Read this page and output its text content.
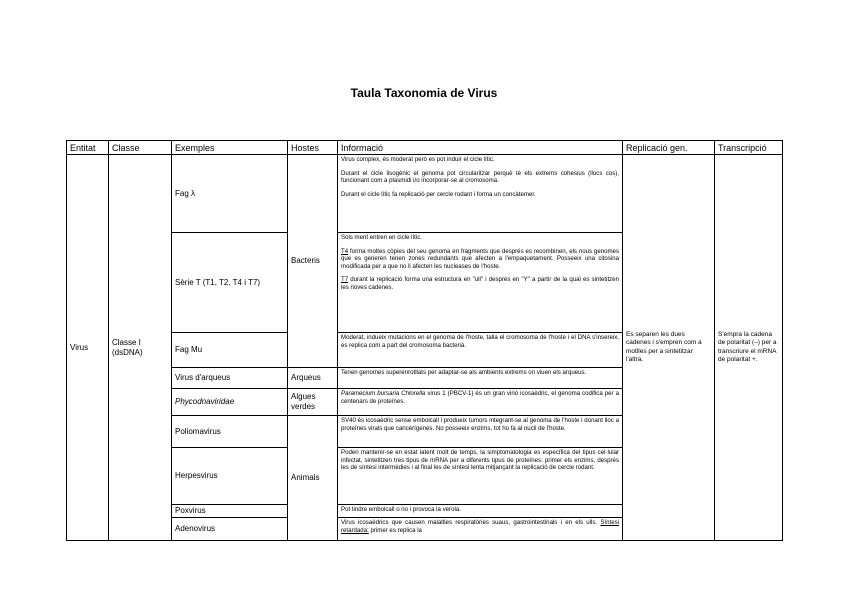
Taula Taxonomia de Virus
Entitat	Classe	Exemples	Hostes	Informació	Replicació gen.	Transcripció
Virus	Classe I (dsDNA)	Fag λ	Bacteris	Virus complex, és moderat però es pot induir el cicle lític.

Durant el cicle lisogènic el genoma pot circularitzar perquè té els extrems cohesius (llocs cos), funcionant com a plasmidi i/o incorporar-se al cromosoma.

Durant el cicle lític fa replicació per cercle rodant i forma un concàtemer.	Es separen les dues cadenes i s'empren com a motlles per a sintetitzar l'altra.	S'empra la cadena de polaritat (–) per a transcriure el mRNA de polaritat +.
		Sèrie T (T1, T2, T4 i T7)		Sols ment entren en cicle lític.

T4 forma moltes còpies del seu genoma en fragments que després es recombinen, els nous genomes que es generen tenen zones redundants que afecten a l'empaquetament. Posseeix una citosina modificada per a que no li afecten les nucleases de l'hoste.

T7 durant la replicació forma una estructura en "ull" i després en "Y" a partir de la qual es sintetitzen les noves cadenes.		

		Fag Mu		Moderat, indueix mutacions en el genoma de l'hoste, talla el cromosoma de l'hoste i el DNA s'insereix, es replica com a part del cromosoma bacterià.		
		Virus d'arqueus	Arqueus	Tenen genomes superenrotllats per adaptar-se als ambients extrems on viuen els arqueus.		
		Phycodnaviridae	Algues verdes	Paramecium bursaria Chlorella virus 1 (PBCV-1) és un gran virió icosaèdric, el genoma codifica per a centenars de proteïnes.		
		Poliomavirus	Animals	SV40 és icosaèdric sense embolcall i produeix tumors integrant-se al genoma de l'hoste i donant lloc a proteïnes virals que cancerígenes. No posseeix enzims, tot ho fa al nucli de l'hoste.		
		Herpesvirus		Poden mantenir-se en estat latent molt de temps, la simptomatologia es específica del tipus cel·lular infectat, sintetitzen tres tipus de mRNA per a diferents tipus de proteïnes: primer els enzims, després les de síntesi intermèdies i al final les de síntesi lenta mitjançant la replicació de cercle rodant.		
		Poxvirus		Pot tindre embolcall o no i provoca la verola.		
		Adenovirus		Virus icosaèdrics que causen malalties respiratòries suaus, gastrointestinals i en els ulls. Síntesi retardada: primer es replica la		
